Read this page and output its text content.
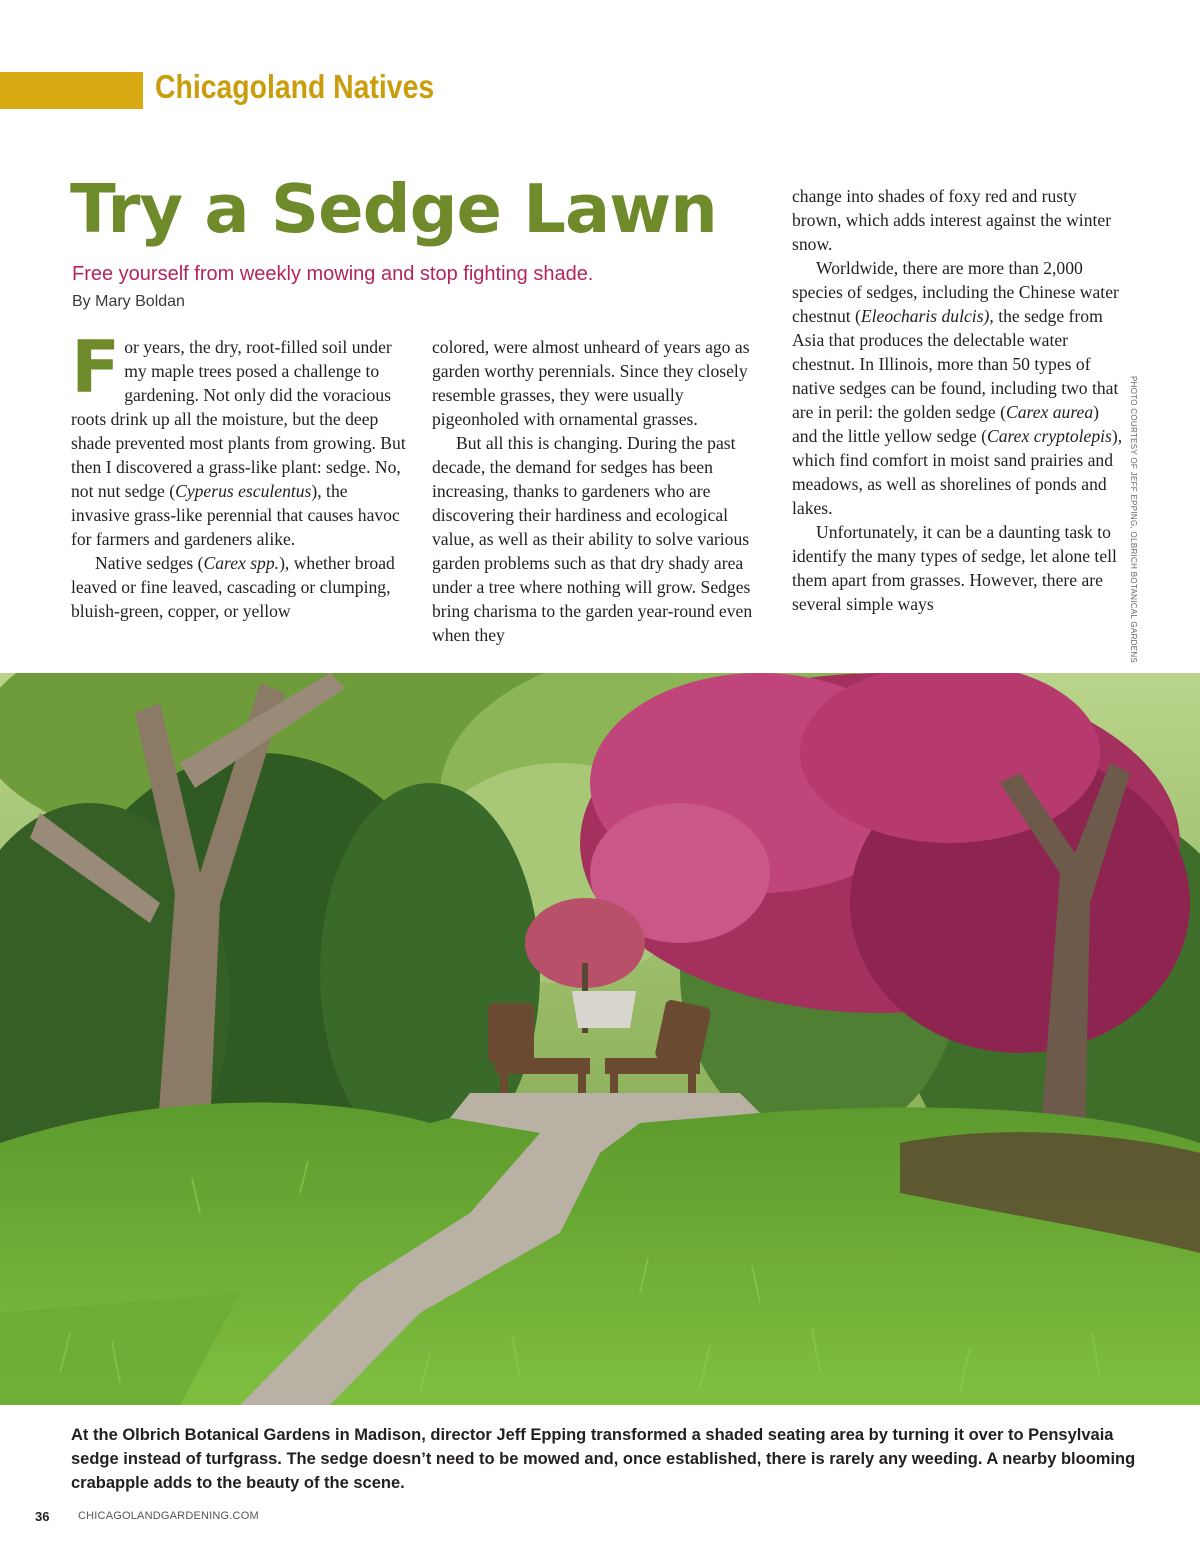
Chicagoland Natives
Try a Sedge Lawn
Free yourself from weekly mowing and stop fighting shade.
By Mary Boldan

For years, the dry, root-filled soil under my maple trees posed a challenge to gardening. Not only did the voracious roots drink up all the moisture, but the deep shade prevented most plants from growing. But then I discovered a grass-like plant: sedge. No, not nut sedge (Cyperus esculentus), the invasive grass-like perennial that causes havoc for farmers and gardeners alike.

Native sedges (Carex spp.), whether broad leaved or fine leaved, cascading or clumping, bluish-green, copper, or yellow

colored, were almost unheard of years ago as garden worthy perennials. Since they closely resemble grasses, they were usually pigeonholed with ornamental grasses.

But all this is changing. During the past decade, the demand for sedges has been increasing, thanks to gardeners who are discovering their hardiness and ecological value, as well as their ability to solve various garden problems such as that dry shady area under a tree where nothing will grow. Sedges bring charisma to the garden year-round even when they

change into shades of foxy red and rusty brown, which adds interest against the winter snow.

Worldwide, there are more than 2,000 species of sedges, including the Chinese water chestnut (Eleocharis dulcis), the sedge from Asia that produces the delectable water chestnut. In Illinois, more than 50 types of native sedges can be found, including two that are in peril: the golden sedge (Carex aurea) and the little yellow sedge (Carex cryptolepis), which find comfort in moist sand prairies and meadows, as well as shorelines of ponds and lakes.

Unfortunately, it can be a daunting task to identify the many types of sedge, let alone tell them apart from grasses. However, there are several simple ways	PHOTO COURTESY OF JEFF EPPING, OLBRICH BOTANICAL GARDENS
At the Olbrich Botanical Gardens in Madison, director Jeff Epping transformed a shaded seating area by turning it over to Pensylvaia sedge instead of turfgrass. The sedge doesn’t need to be mowed and, once established, there is rarely any weeding. A nearby blooming crabapple adds to the beauty of the scene.
36	CHICAGOLANDGARDENING.COM
